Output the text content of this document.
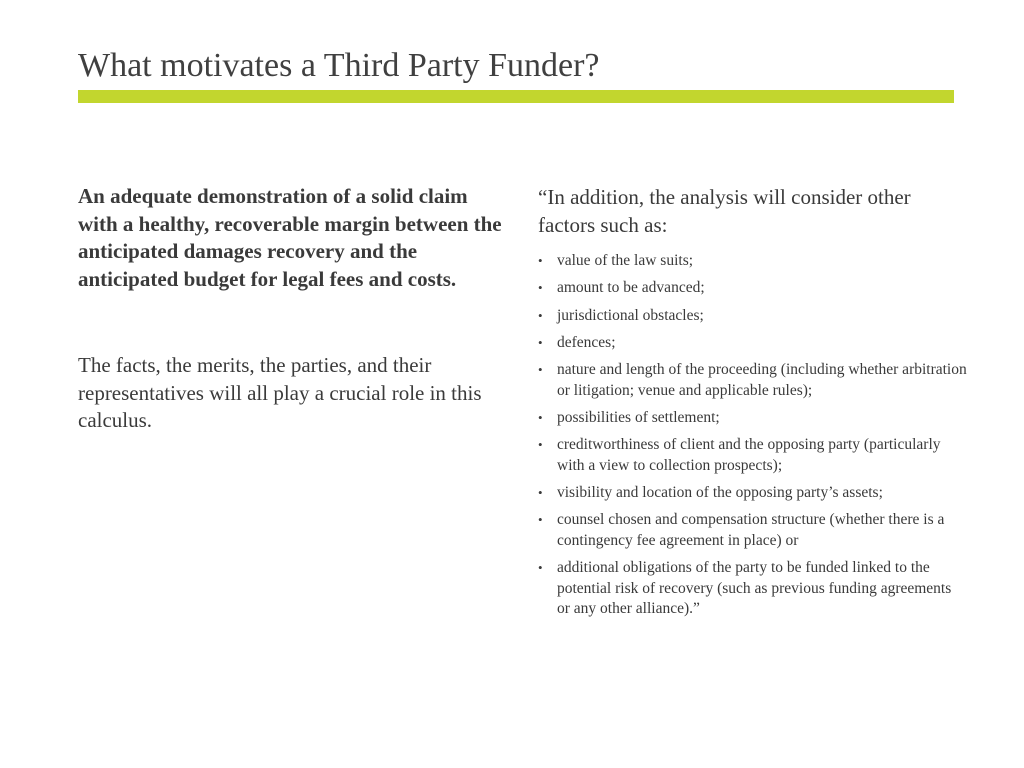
What motivates a Third Party Funder?

An adequate demonstration of a solid claim with a healthy, recoverable margin between the anticipated damages recovery and the anticipated budget for legal fees and costs.

The facts, the merits, the parties, and their representatives will all play a crucial role in this calculus.

“In addition, the analysis will consider other factors such as:

• value of the law suits;
• amount to be advanced;
• jurisdictional obstacles;
• defences;
• nature and length of the proceeding (including whether arbitration or litigation; venue and applicable rules);
• possibilities of settlement;
• creditworthiness of client and the opposing party (particularly with a view to collection prospects);
• visibility and location of the opposing party’s assets;
• counsel chosen and compensation structure (whether there is a contingency fee agreement in place) or
• additional obligations of the party to be funded linked to the potential risk of recovery (such as previous funding agreements or any other alliance).”
